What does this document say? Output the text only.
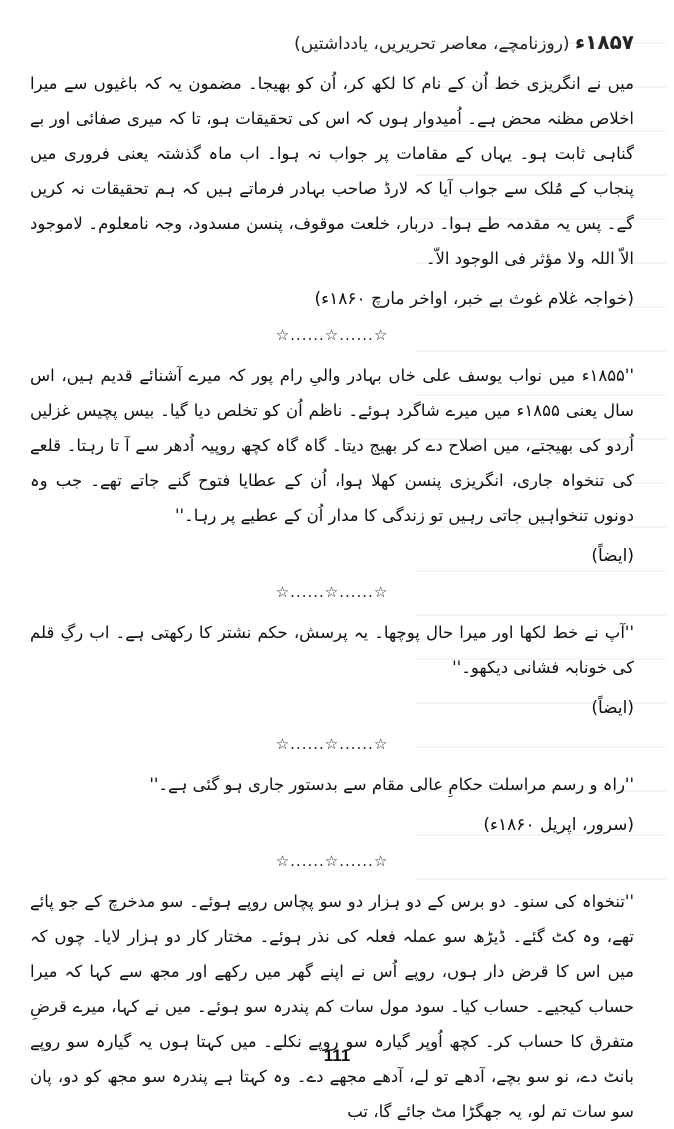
۱۸۵۷ء (روزنامچے، معاصر تحریریں، یادداشتیں)

میں نے انگریزی خط اُن کے نام کا لکھ کر، اُن کو بھیجا۔ مضمون یہ کہ باغیوں سے میرا اخلاص مظنہ محض ہے۔ اُمیدوار ہوں کہ اس کی تحقیقات ہو، تا کہ میری صفائی اور بے گناہی ثابت ہو۔ یہاں کے مقامات پر جواب نہ ہوا۔ اب ماہ گذشتہ یعنی فروری میں پنجاب کے مُلک سے جواب آیا کہ لارڈ صاحب بہادر فرماتے ہیں کہ ہم تحقیقات نہ کریں گے۔ پس یہ مقدمہ طے ہوا۔ دربار، خلعت موقوف، پنسن مسدود، وجہ نامعلوم۔ لاموجود الاّ اللہ ولا مؤثر فی الوجود الاّ۔

(خواجہ غلام غوث بے خبر، اواخر مارچ ۱۸۶۰ء)
☆......☆......☆

''۱۸۵۵ء میں نواب یوسف علی خاں بہادر والیِ رام پور کہ میرے آشنائے قدیم ہیں، اس سال یعنی ۱۸۵۵ء میں میرے شاگرد ہوئے۔ ناظم اُن کو تخلص دیا گیا۔ بیس پچیس غزلیں اُردو کی بھیجتے، میں اصلاح دے کر بھیج دیتا۔ گاہ گاہ کچھ روپیہ اُدھر سے آ تا رہتا۔ قلعے کی تنخواہ جاری، انگریزی پنسن کھلا ہوا، اُن کے عطایا فتوح گنے جاتے تھے۔ جب وہ دونوں تنخواہیں جاتی رہیں تو زندگی کا مدار اُن کے عطیے پر رہا۔''

(ایضاً)
☆......☆......☆

''آپ نے خط لکھا اور میرا حال پوچھا۔ یہ پرسش، حکم نشتر کا رکھتی ہے۔ اب رگِ قلم کی خونابہ فشانی دیکھو۔''

(ایضاً)
☆......☆......☆

''راہ و رسم مراسلت حکامِ عالی مقام سے بدستور جاری ہو گئی ہے۔''

(سرور، اپریل ۱۸۶۰ء)
☆......☆......☆

''تنخواہ کی سنو۔ دو برس کے دو ہزار دو سو پچاس روپے ہوئے۔ سو مدخرچ کے جو پائے تھے، وہ کٹ گئے۔ ڈیڑھ سو عملہ فعلہ کی نذر ہوئے۔ مختار کار دو ہزار لایا۔ چوں کہ میں اس کا قرض دار ہوں، روپے اُس نے اپنے گھر میں رکھے اور مجھ سے کہا کہ میرا حساب کیجیے۔ حساب کیا۔ سود مول سات کم پندرہ سو ہوئے۔ میں نے کہا، میرے قرضِ متفرق کا حساب کر۔ کچھ اُوپر گیارہ سو روپے نکلے۔ میں کہتا ہوں یہ گیارہ سو روپے بانٹ دے، نو سو بچے، آدھے تو لے، آدھے مجھے دے۔ وہ کہتا ہے پندرہ سو مجھ کو دو، پان سو سات تم لو، یہ جھگڑا مٹ جائے گا، تب

111
